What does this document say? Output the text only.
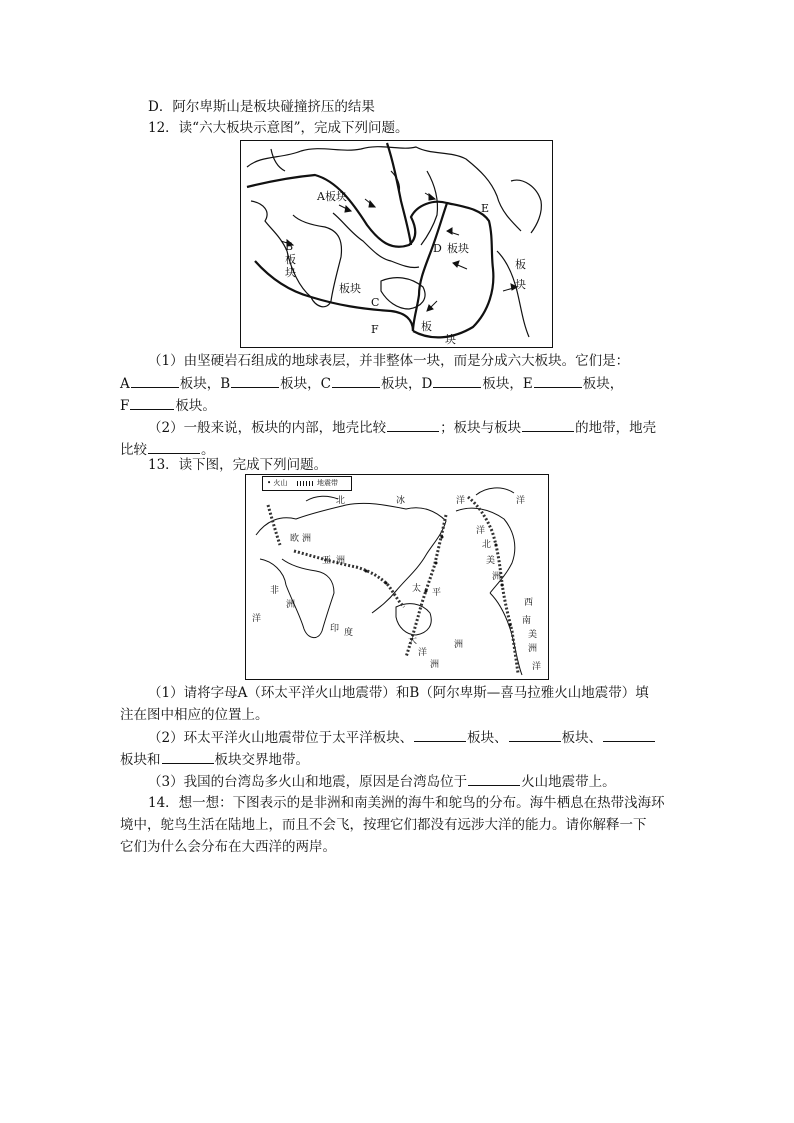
D．阿尔卑斯山是板块碰撞挤压的结果
12．读“六大板块示意图”，完成下列问题。
A板块
B
板
块
板块
C
D 板块
E
板
块
F	板
块
（1）由坚硬岩石组成的地球表层，并非整体一块，而是分成六大板块。它们是：
A	板块，B	板块，C	板块，D	板块，E	板块，
F	板块。
（2）一般来说，板块的内部，地壳比较	；板块与板块	的地带，地壳
比较	。
13．读下图，完成下列问题。
北	冰	洋
欧 洲
亚 洲
非
洲
洋
印 度
太 平
大
洋
洲
洲
北
美
洲
西
南
美
洲
洋
洋
洋
• 火山	地震带
（1）请将字母A（环太平洋火山地震带）和B（阿尔卑斯—喜马拉雅火山地震带）填
注在图中相应的位置上。
（2）环太平洋火山地震带位于太平洋板块、	板块、	板块、
板块和	板块交界地带。
（3）我国的台湾岛多火山和地震，原因是台湾岛位于	火山地震带上。
14．想一想：下图表示的是非洲和南美洲的海牛和鸵鸟的分布。海牛栖息在热带浅海环
境中，鸵鸟生活在陆地上，而且不会飞，按理它们都没有远涉大洋的能力。请你解释一下
它们为什么会分布在大西洋的两岸。
